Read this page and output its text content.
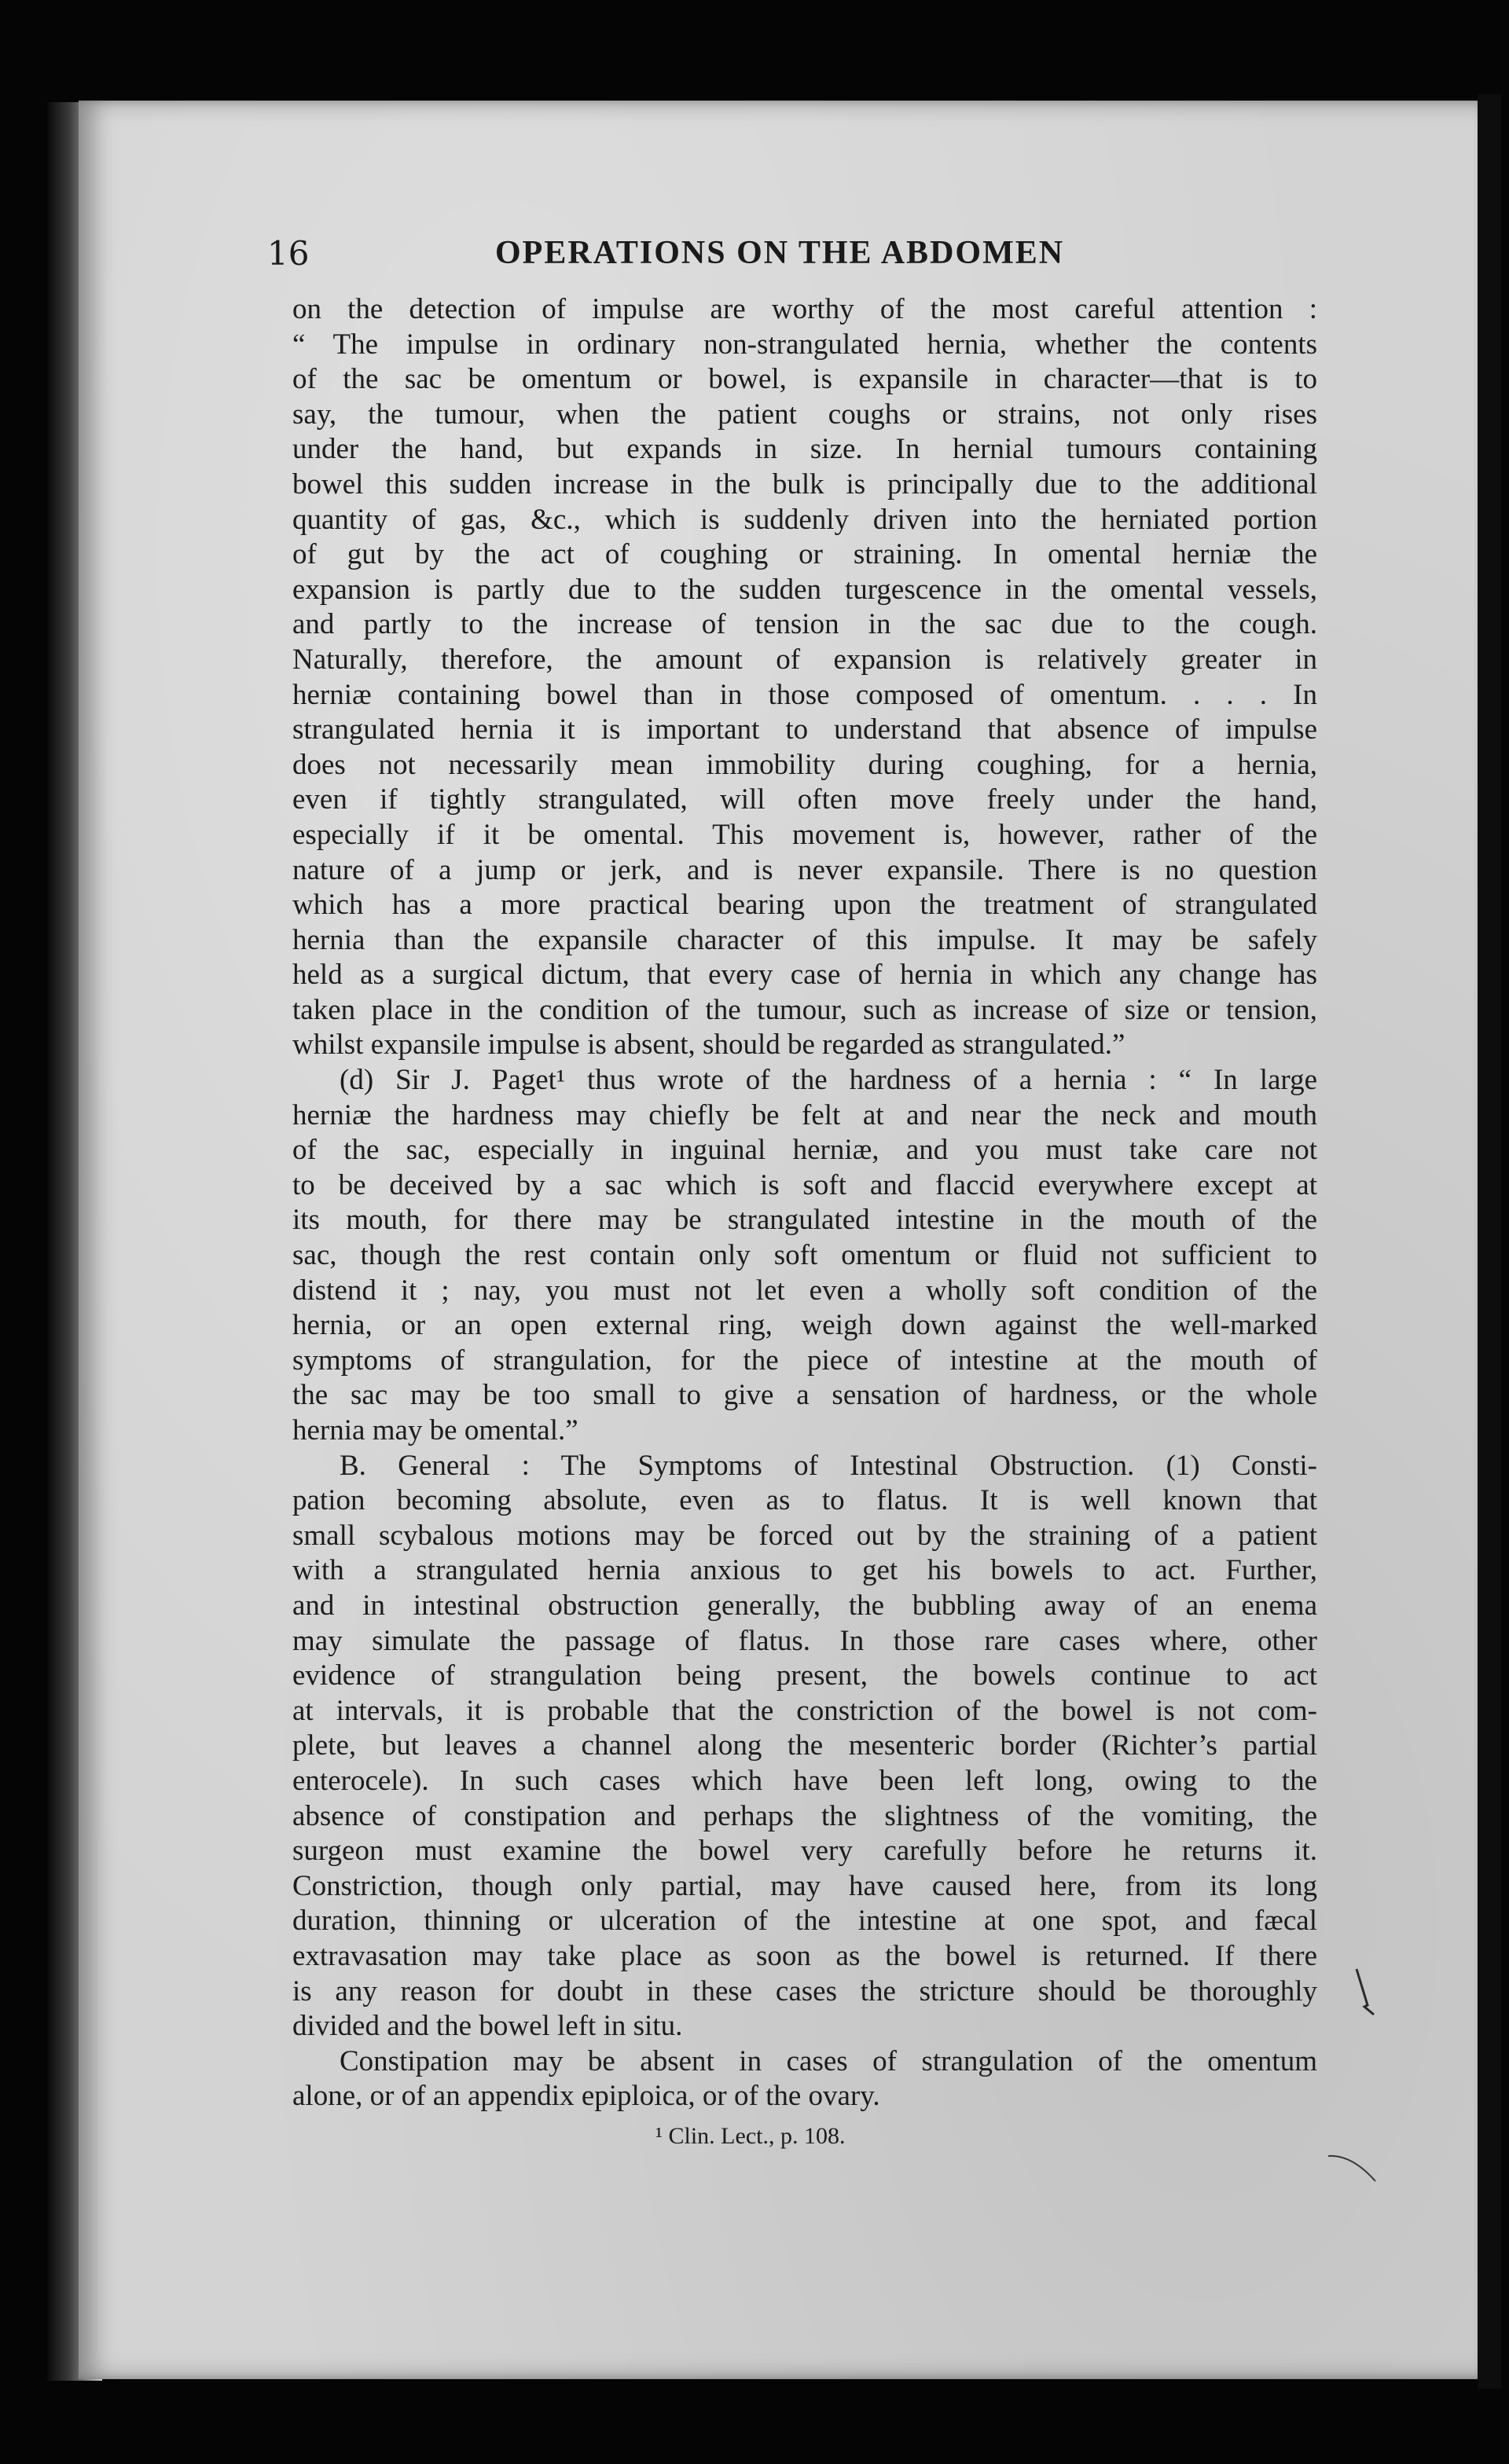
16	OPERATIONS ON THE ABDOMEN
on the detection of impulse are worthy of the most careful attention :
“ The impulse in ordinary non-strangulated hernia, whether the contents
of the sac be omentum or bowel, is expansile in character—that is to
say, the tumour, when the patient coughs or strains, not only rises
under the hand, but expands in size. In hernial tumours containing
bowel this sudden increase in the bulk is principally due to the additional
quantity of gas, &c., which is suddenly driven into the herniated portion
of gut by the act of coughing or straining. In omental herniæ the
expansion is partly due to the sudden turgescence in the omental vessels,
and partly to the increase of tension in the sac due to the cough.
Naturally, therefore, the amount of expansion is relatively greater in
herniæ containing bowel than in those composed of omentum. . . . In
strangulated hernia it is important to understand that absence of impulse
does not necessarily mean immobility during coughing, for a hernia,
even if tightly strangulated, will often move freely under the hand,
especially if it be omental. This movement is, however, rather of the
nature of a jump or jerk, and is never expansile. There is no question
which has a more practical bearing upon the treatment of strangulated
hernia than the expansile character of this impulse. It may be safely
held as a surgical dictum, that every case of hernia in which any change has
taken place in the condition of the tumour, such as increase of size or tension,
whilst expansile impulse is absent, should be regarded as strangulated.”
(d) Sir J. Paget¹ thus wrote of the hardness of a hernia : “ In large
herniæ the hardness may chiefly be felt at and near the neck and mouth
of the sac, especially in inguinal herniæ, and you must take care not
to be deceived by a sac which is soft and flaccid everywhere except at
its mouth, for there may be strangulated intestine in the mouth of the
sac, though the rest contain only soft omentum or fluid not sufficient to
distend it ; nay, you must not let even a wholly soft condition of the
hernia, or an open external ring, weigh down against the well-marked
symptoms of strangulation, for the piece of intestine at the mouth of
the sac may be too small to give a sensation of hardness, or the whole
hernia may be omental.”
B. General : The Symptoms of Intestinal Obstruction. (1) Consti-
pation becoming absolute, even as to flatus. It is well known that
small scybalous motions may be forced out by the straining of a patient
with a strangulated hernia anxious to get his bowels to act. Further,
and in intestinal obstruction generally, the bubbling away of an enema
may simulate the passage of flatus. In those rare cases where, other
evidence of strangulation being present, the bowels continue to act
at intervals, it is probable that the constriction of the bowel is not com-
plete, but leaves a channel along the mesenteric border (Richter’s partial
enterocele). In such cases which have been left long, owing to the
absence of constipation and perhaps the slightness of the vomiting, the
surgeon must examine the bowel very carefully before he returns it.
Constriction, though only partial, may have caused here, from its long
duration, thinning or ulceration of the intestine at one spot, and fæcal
extravasation may take place as soon as the bowel is returned. If there
is any reason for doubt in these cases the stricture should be thoroughly
divided and the bowel left in situ.
Constipation may be absent in cases of strangulation of the omentum
alone, or of an appendix epiploica, or of the ovary.
¹ Clin. Lect., p. 108.
